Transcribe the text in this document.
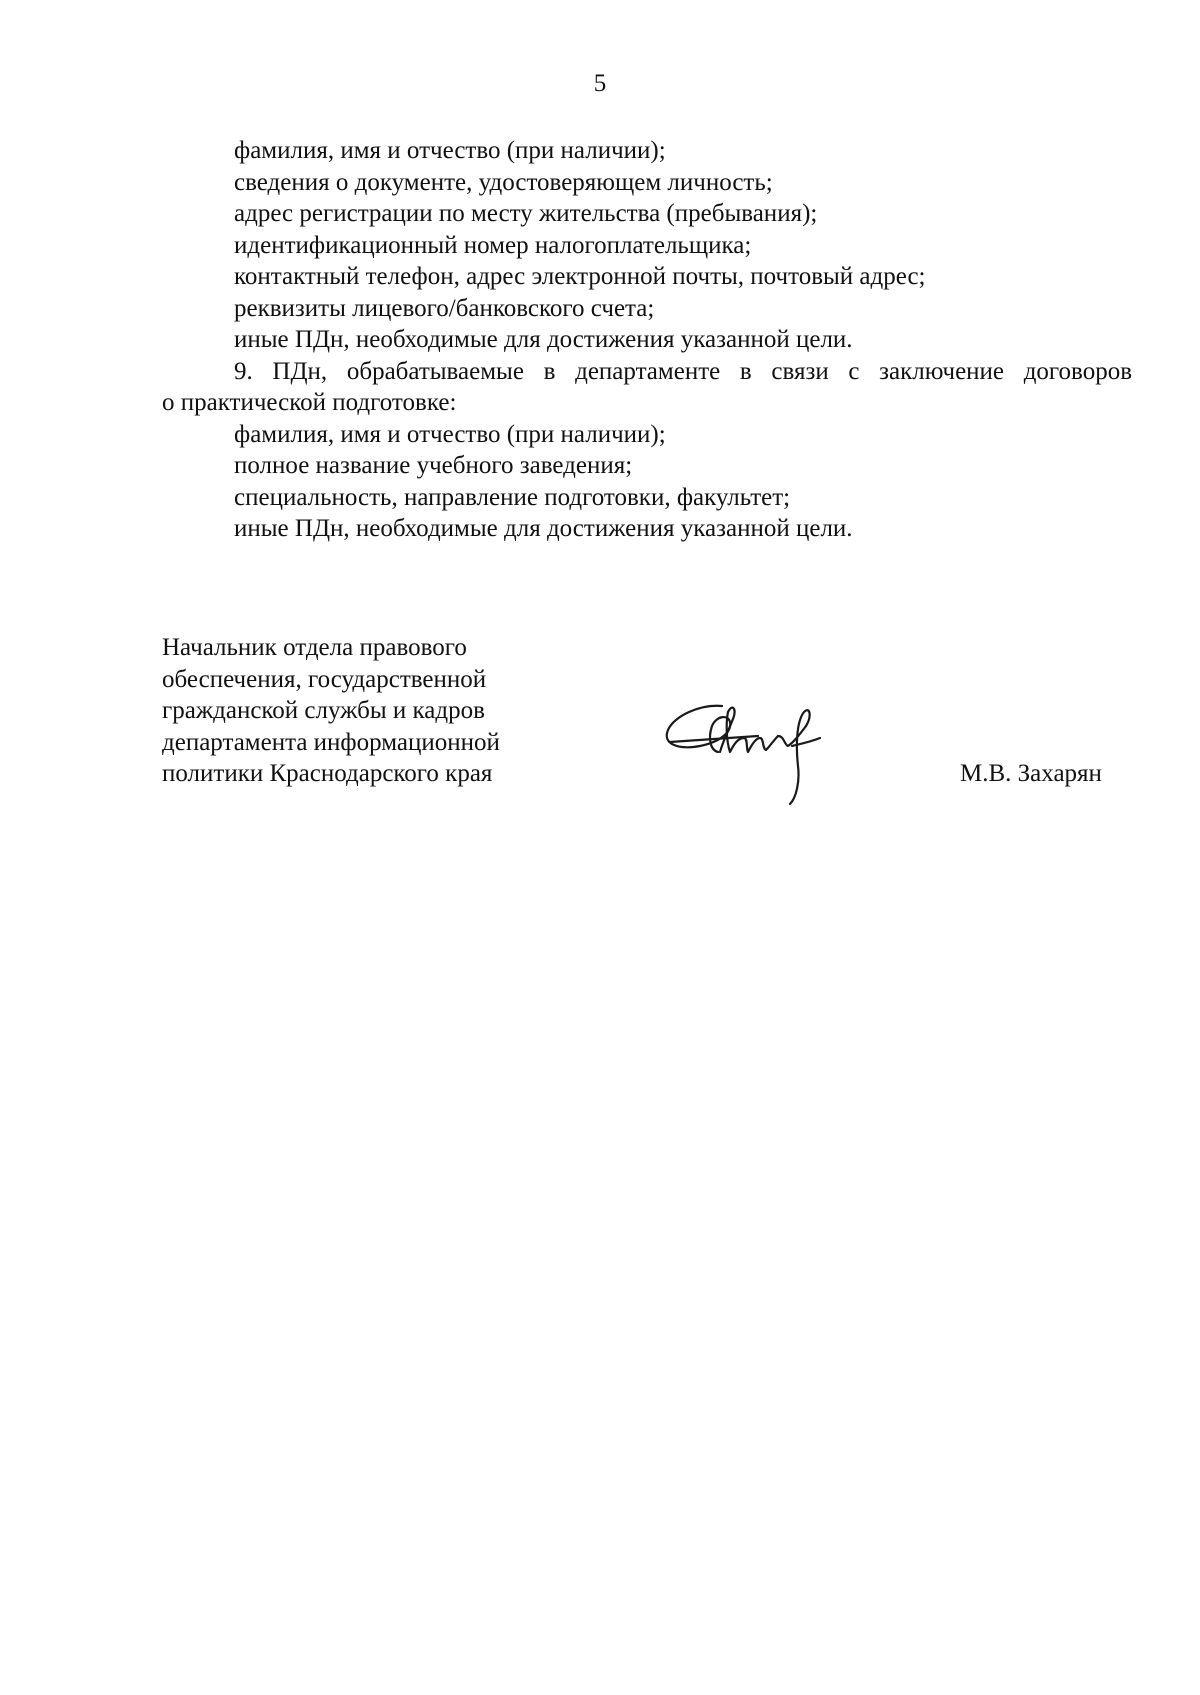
5

фамилия, имя и отчество (при наличии);

сведения о документе, удостоверяющем личность;

адрес регистрации по месту жительства (пребывания);

идентификационный номер налогоплательщика;

контактный телефон, адрес электронной почты, почтовый адрес;

реквизиты лицевого/банковского счета;

иные ПДн, необходимые для достижения указанной цели.

9. ПДн, обрабатываемые в департаменте в связи с заключение договоров

о практической подготовке:

фамилия, имя и отчество (при наличии);

полное название учебного заведения;

специальность, направление подготовки, факультет;

иные ПДн, необходимые для достижения указанной цели.

Начальник отдела правового
обеспечения, государственной
гражданской службы и кадров
департамента информационной
политики Краснодарского края	М.В. Захарян
